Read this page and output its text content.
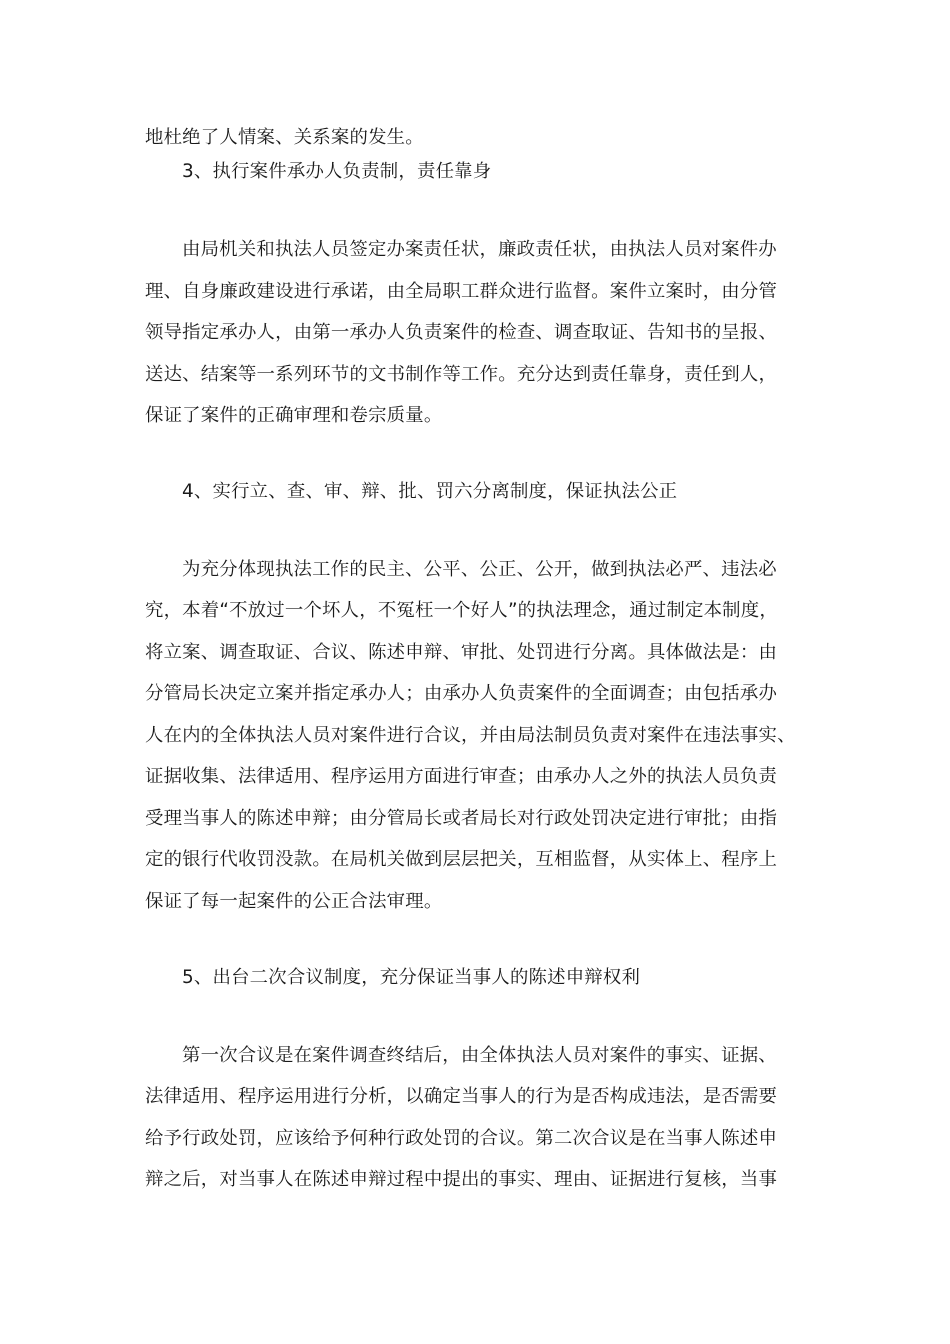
地杜绝了人情案、关系案的发生。
3、执行案件承办人负责制，责任靠身
由局机关和执法人员签定办案责任状，廉政责任状，由执法人员对案件办
理、自身廉政建设进行承诺，由全局职工群众进行监督。案件立案时，由分管
领导指定承办人，由第一承办人负责案件的检查、调查取证、告知书的呈报、
送达、结案等一系列环节的文书制作等工作。充分达到责任靠身，责任到人，
保证了案件的正确审理和卷宗质量。
4、实行立、查、审、辩、批、罚六分离制度，保证执法公正
为充分体现执法工作的民主、公平、公正、公开，做到执法必严、违法必
究，本着“不放过一个坏人，不冤枉一个好人”的执法理念，通过制定本制度，
将立案、调查取证、合议、陈述申辩、审批、处罚进行分离。具体做法是：由
分管局长决定立案并指定承办人；由承办人负责案件的全面调查；由包括承办
人在内的全体执法人员对案件进行合议，并由局法制员负责对案件在违法事实、
证据收集、法律适用、程序运用方面进行审查；由承办人之外的执法人员负责
受理当事人的陈述申辩；由分管局长或者局长对行政处罚决定进行审批；由指
定的银行代收罚没款。在局机关做到层层把关，互相监督，从实体上、程序上
保证了每一起案件的公正合法审理。
5、出台二次合议制度，充分保证当事人的陈述申辩权利
第一次合议是在案件调查终结后，由全体执法人员对案件的事实、证据、
法律适用、程序运用进行分析，以确定当事人的行为是否构成违法，是否需要
给予行政处罚，应该给予何种行政处罚的合议。第二次合议是在当事人陈述申
辩之后，对当事人在陈述申辩过程中提出的事实、理由、证据进行复核，当事
